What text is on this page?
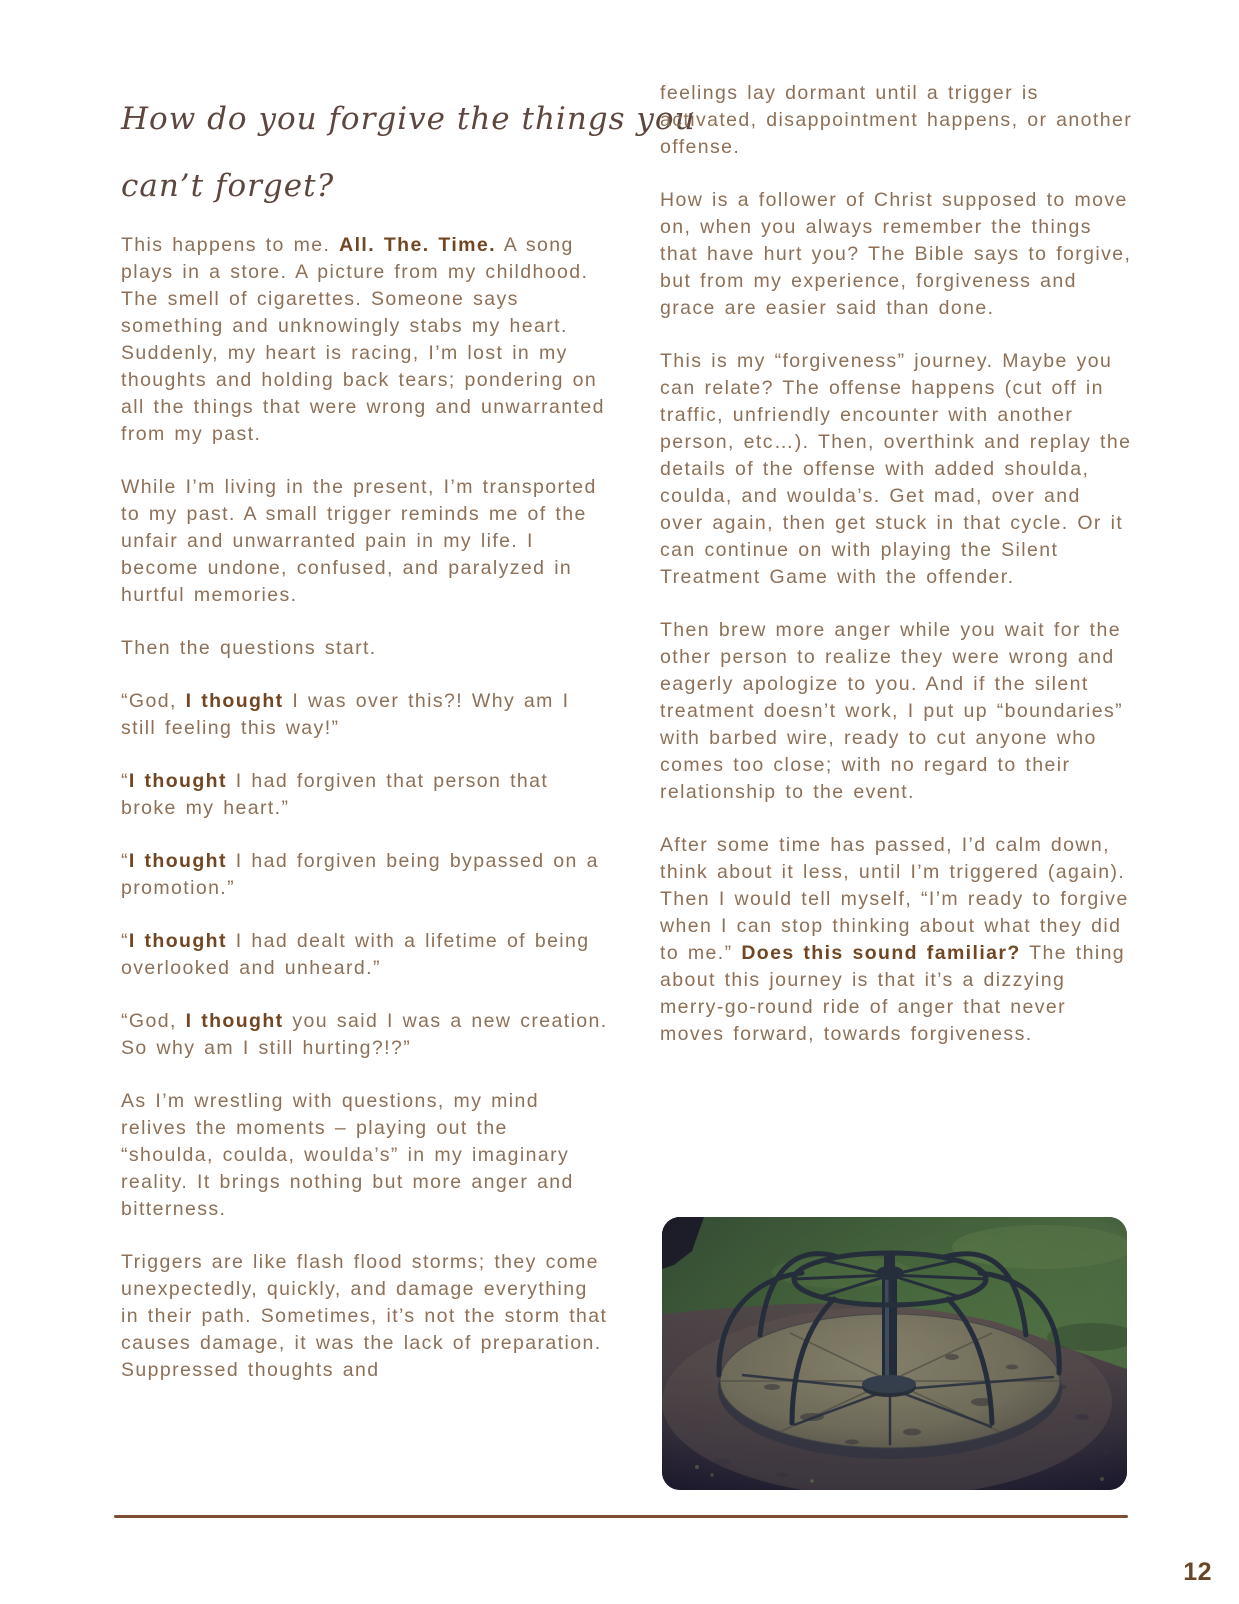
How do you forgive the things you
can’t forget?

This happens to me. All. The. Time. A song plays in a store. A picture from my childhood. The smell of cigarettes. Someone says something and unknowingly stabs my heart. Suddenly, my heart is racing, I’m lost in my thoughts and holding back tears; pondering on all the things that were wrong and unwarranted from my past.

While I’m living in the present, I’m transported to my past. A small trigger reminds me of the unfair and unwarranted pain in my life. I become undone, confused, and paralyzed in hurtful memories.

Then the questions start.

“God, I thought I was over this?! Why am I still feeling this way!”

“I thought I had forgiven that person that broke my heart.”

“I thought I had forgiven being bypassed on a promotion.”

“I thought I had dealt with a lifetime of being overlooked and unheard.”

“God, I thought you said I was a new creation. So why am I still hurting?!?”

As I’m wrestling with questions, my mind relives the moments – playing out the “shoulda, coulda, woulda’s” in my imaginary reality. It brings nothing but more anger and bitterness.

Triggers are like flash flood storms; they come unexpectedly, quickly, and damage everything in their path. Sometimes, it’s not the storm that causes damage, it was the lack of preparation. Suppressed thoughts and

feelings lay dormant until a trigger is activated, disappointment happens, or another offense.

How is a follower of Christ supposed to move on, when you always remember the things that have hurt you? The Bible says to forgive, but from my experience, forgiveness and grace are easier said than done.

This is my “forgiveness” journey. Maybe you can relate? The offense happens (cut off in traffic, unfriendly encounter with another person, etc…). Then, overthink and replay the details of the offense with added shoulda, coulda, and woulda’s. Get mad, over and over again, then get stuck in that cycle. Or it can continue on with playing the Silent Treatment Game with the offender.

Then brew more anger while you wait for the other person to realize they were wrong and eagerly apologize to you. And if the silent treatment doesn’t work, I put up “boundaries” with barbed wire, ready to cut anyone who comes too close; with no regard to their relationship to the event.

After some time has passed, I’d calm down, think about it less, until I’m triggered (again). Then I would tell myself, “I’m ready to forgive when I can stop thinking about what they did to me.” Does this sound familiar? The thing about this journey is that it’s a dizzying merry-go-round ride of anger that never moves forward, towards forgiveness.

12
